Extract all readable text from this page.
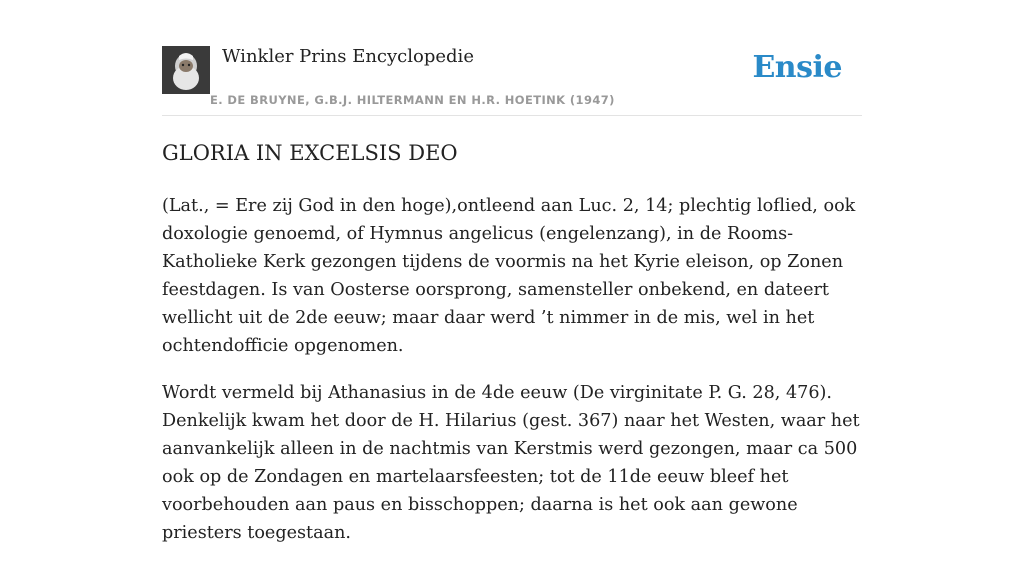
Winkler Prins Encyclopedie
E. DE BRUYNE, G.B.J. HILTERMANN EN H.R. HOETINK (1947)
Ensie
GLORIA IN EXCELSIS DEO

(Lat., = Ere zij God in den hoge),ontleend aan Luc. 2, 14; plechtig loflied, ook doxologie genoemd, of Hymnus angelicus (engelenzang), in de Rooms-Katholieke Kerk gezongen tijdens de voormis na het Kyrie eleison, op Zonen feestdagen. Is van Oosterse oorsprong, samensteller onbekend, en dateert wellicht uit de 2de eeuw; maar daar werd ’t nimmer in de mis, wel in het ochtendofficie opgenomen.

Wordt vermeld bij Athanasius in de 4de eeuw (De virginitate P. G. 28, 476). Denkelijk kwam het door de H. Hilarius (gest. 367) naar het Westen, waar het aanvankelijk alleen in de nachtmis van Kerstmis werd gezongen, maar ca 500 ook op de Zondagen en martelaarsfeesten; tot de 11de eeuw bleef het voorbehouden aan paus en bisschoppen; daarna is het ook aan gewone priesters toegestaan.
